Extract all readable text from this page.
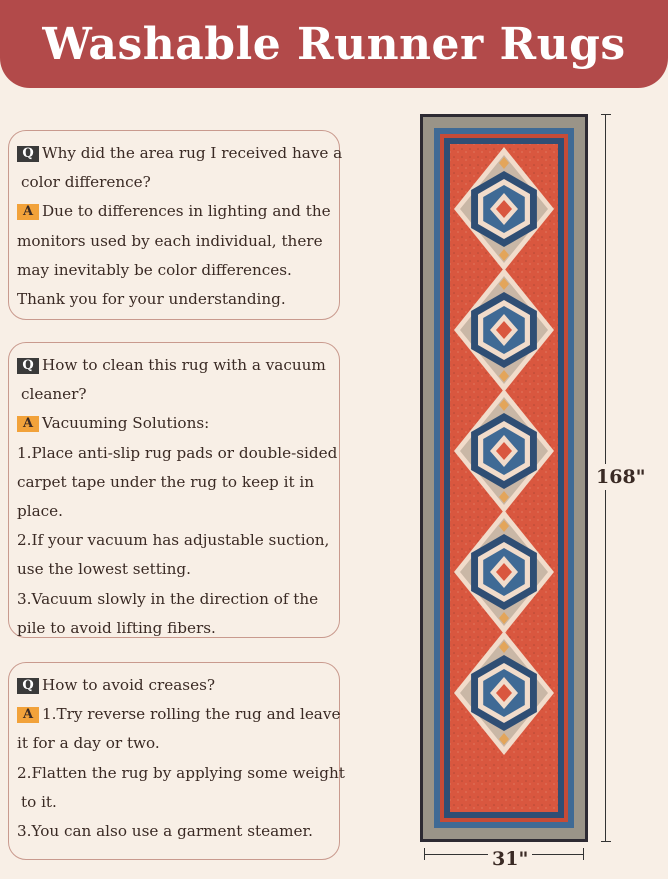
Washable Runner Rugs

Q Why did the area rug I received have a

color difference?

A Due to differences in lighting and the

monitors used by each individual, there

may inevitably be color differences.

Thank you for your understanding.

Q How to clean this rug with a vacuum

cleaner?

A Vacuuming Solutions:

1.Place anti-slip rug pads or double-sided

carpet tape under the rug to keep it in

place.

2.If your vacuum has adjustable suction,

use the lowest setting.

3.Vacuum slowly in the direction of the

pile to avoid lifting fibers.

Q How to avoid creases?

A 1.Try reverse rolling the rug and leave

it for a day or two.

2.Flatten the rug by applying some weight

to it.

3.You can also use a garment steamer.

168"
31"
